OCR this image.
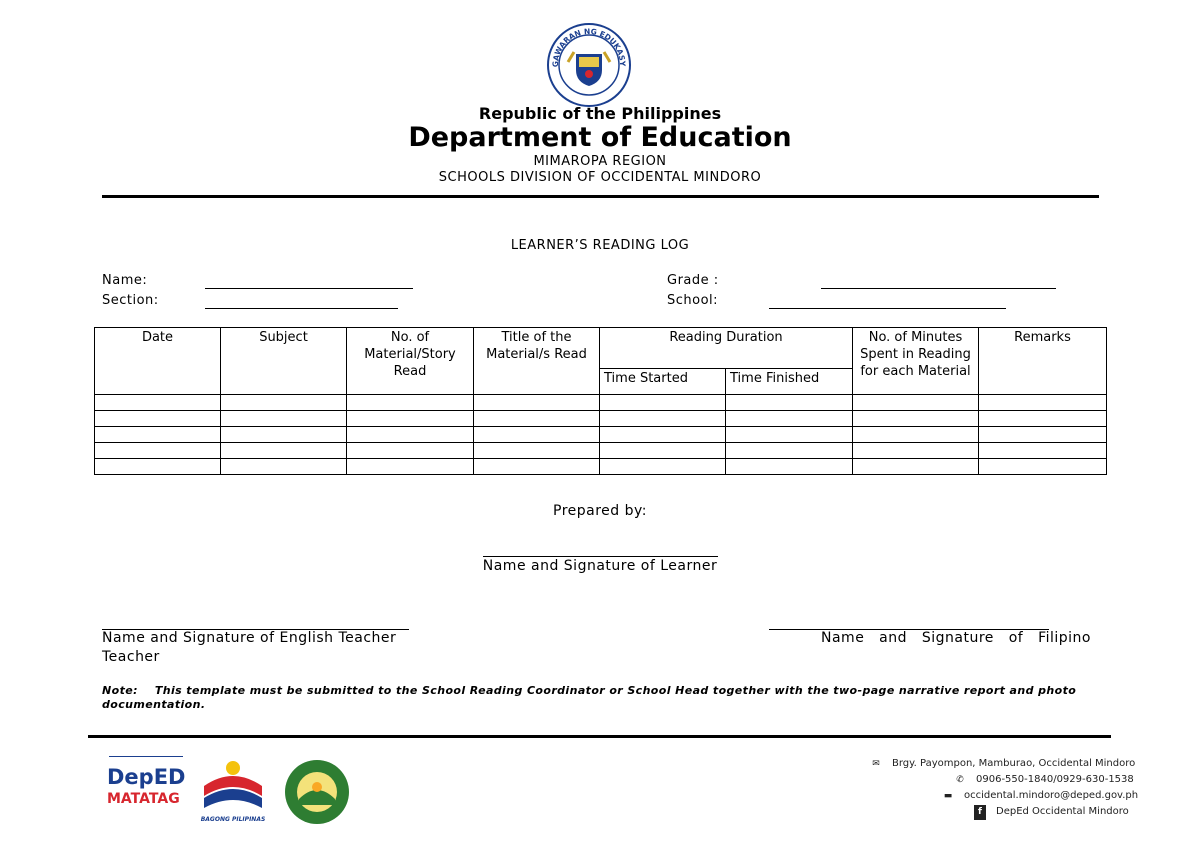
GAWARAN NG EDUKASY
Republic of the Philippines
Department of Education
MIMAROPA REGION
SCHOOLS DIVISION OF OCCIDENTAL MINDORO
LEARNER’S READING LOG
Name:
Section:
Grade :
School:
Date	Subject	No. of Material/Story Read	Title of the Material/s Read	Reading Duration		No. of Minutes Spent in Reading for each Material	Remarks
				Time Started	Time Finished		

Prepared by:
Name and Signature of Learner
Name and Signature of English Teacher
Teacher
Name   and   Signature   of   Filipino
Note: This template must be submitted to the School Reading Coordinator or School Head together with the two-page narrative report and photo documentation.
DepED
MATATAG
BAGONG PILIPINAS
✉ Brgy. Payompon, Mamburao, Occidental Mindoro
✆ 0906-550-1840/0929-630-1538
▬ occidental.mindoro@deped.gov.ph
f DepEd Occidental Mindoro
